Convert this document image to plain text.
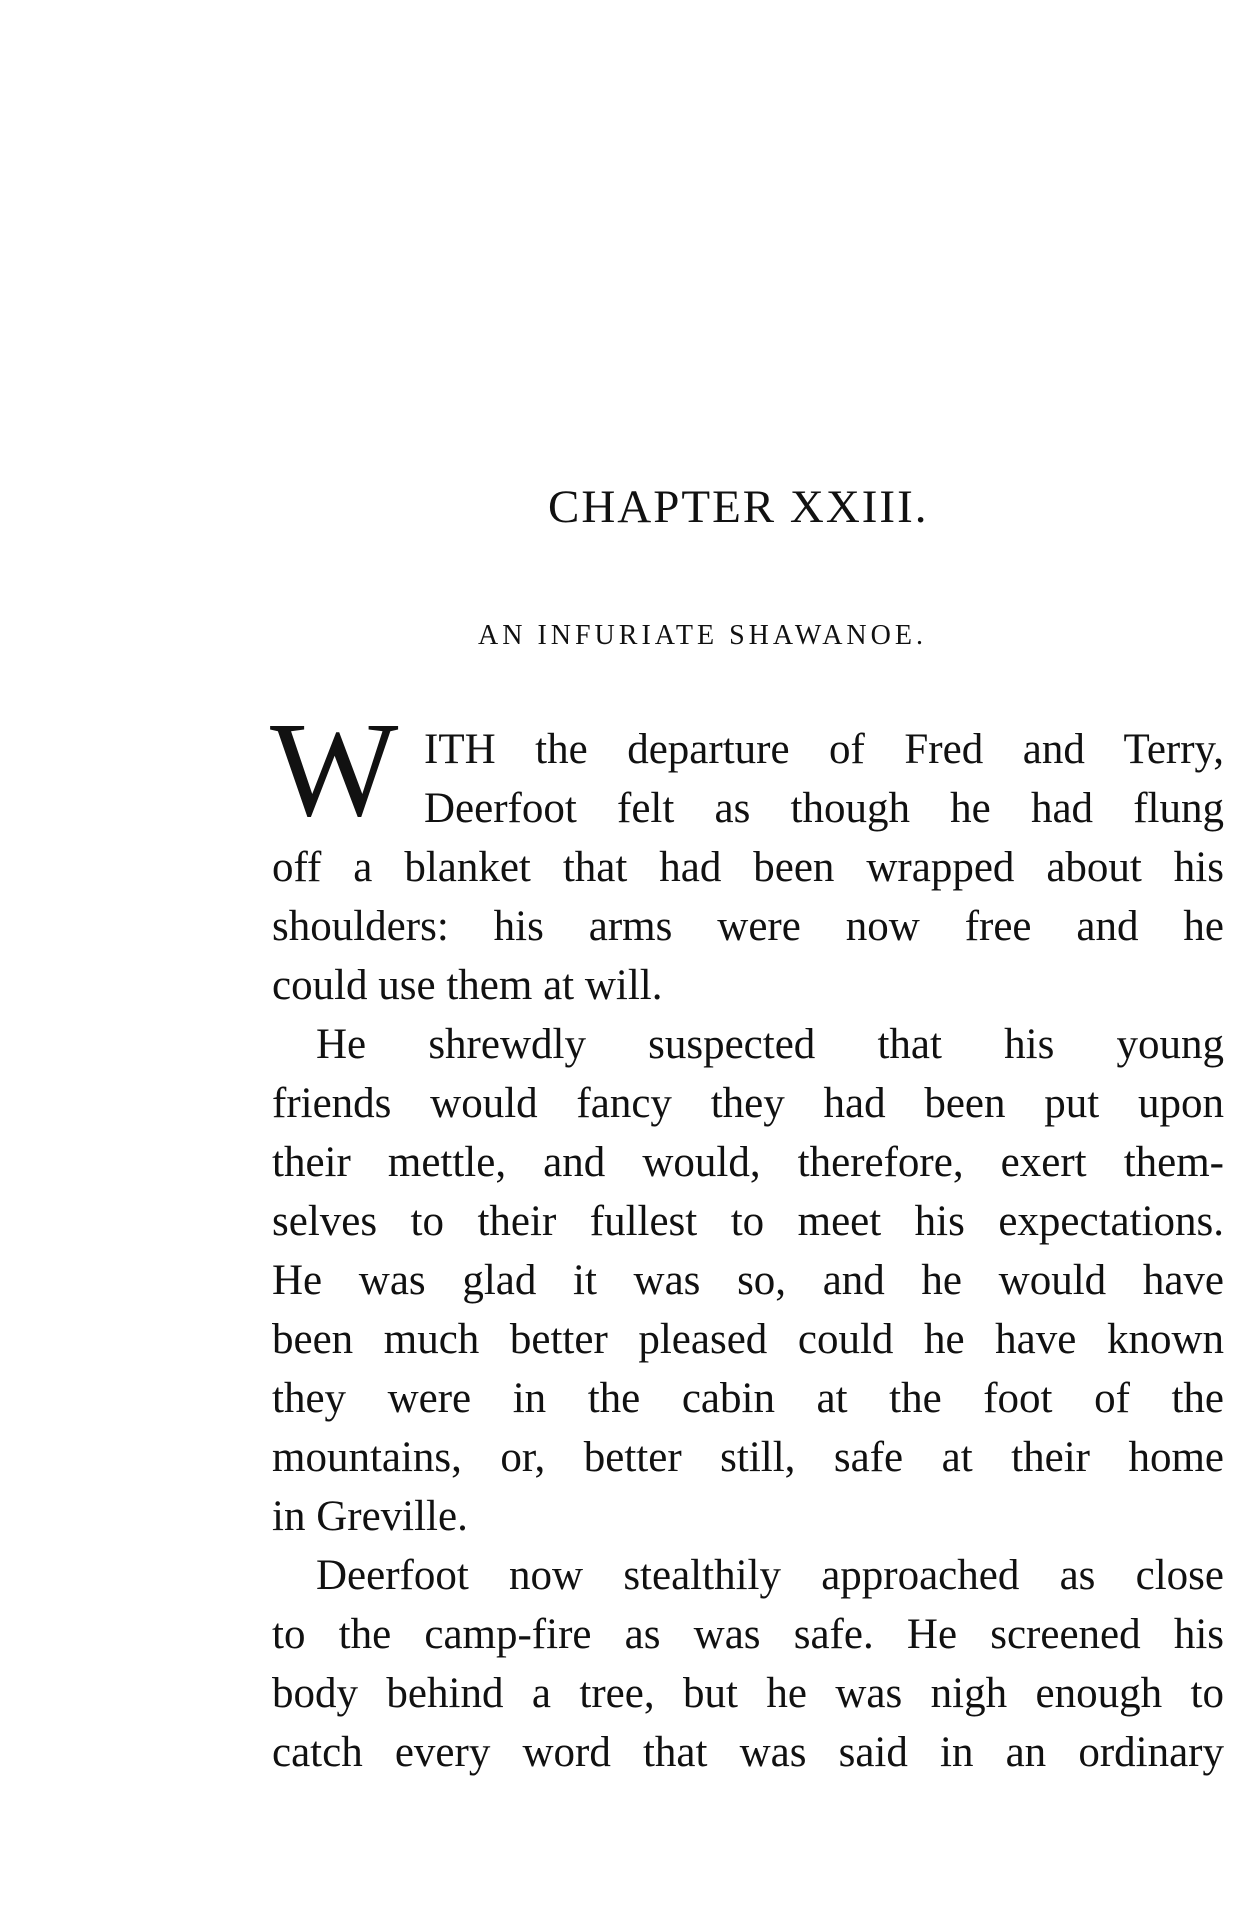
CHAPTER XXIII.
AN INFURIATE SHAWANOE.
W ITH the departure of Fred and Terry,
Deerfoot felt as though he had flung
off a blanket that had been wrapped about his
shoulders: his arms were now free and he
could use them at will.
He shrewdly suspected that his young
friends would fancy they had been put upon
their mettle, and would, therefore, exert them-
selves to their fullest to meet his expectations.
He was glad it was so, and he would have
been much better pleased could he have known
they were in the cabin at the foot of the
mountains, or, better still, safe at their home
in Greville.
Deerfoot now stealthily approached as close
to the camp-fire as was safe. He screened his
body behind a tree, but he was nigh enough to
catch every word that was said in an ordinary
